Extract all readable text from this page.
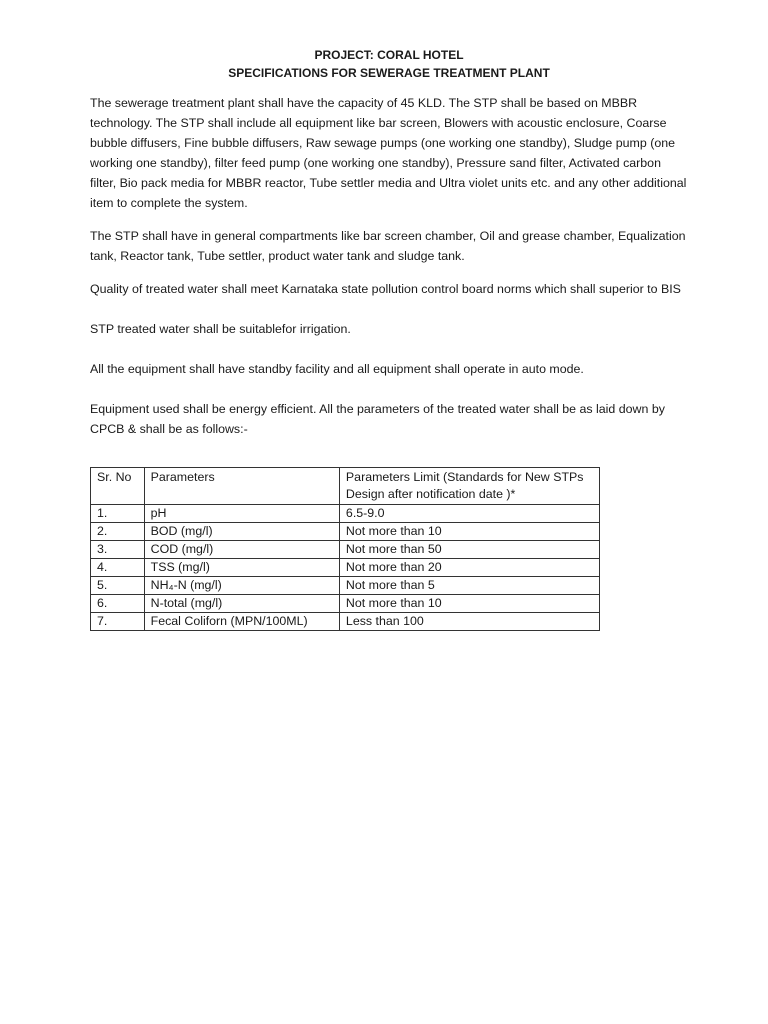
PROJECT: CORAL HOTEL

SPECIFICATIONS FOR SEWERAGE TREATMENT PLANT

The sewerage treatment plant shall have the capacity of 45 KLD. The STP shall be based on MBBR technology. The STP shall include all equipment like bar screen, Blowers with acoustic enclosure, Coarse bubble diffusers, Fine bubble diffusers, Raw sewage pumps (one working one standby), Sludge pump (one working one standby), filter feed pump (one working one standby), Pressure sand filter, Activated carbon filter, Bio pack media for MBBR reactor, Tube settler media and Ultra violet units etc. and any other additional item to complete the system.

The STP shall have in general compartments like bar screen chamber, Oil and grease chamber, Equalization tank, Reactor tank, Tube settler, product water tank and sludge tank.

Quality of treated water shall meet Karnataka state pollution control board norms which shall superior to BIS

STP treated water shall be suitablefor irrigation.

All the equipment shall have standby facility and all equipment shall operate in auto mode.

Equipment used shall be energy efficient. All the parameters of the treated water shall be as laid down by CPCB & shall be as follows:-

Sr. No	Parameters	Parameters Limit (Standards for New STPs Design after notification date )*
1.	pH	6.5-9.0
2.	BOD (mg/l)	Not more than 10
3.	COD (mg/l)	Not more than 50
4.	TSS (mg/l)	Not more than 20
5.	NH₄-N (mg/l)	Not more than 5
6.	N-total (mg/l)	Not more than 10
7.	Fecal Coliforn (MPN/100ML)	Less than 100
